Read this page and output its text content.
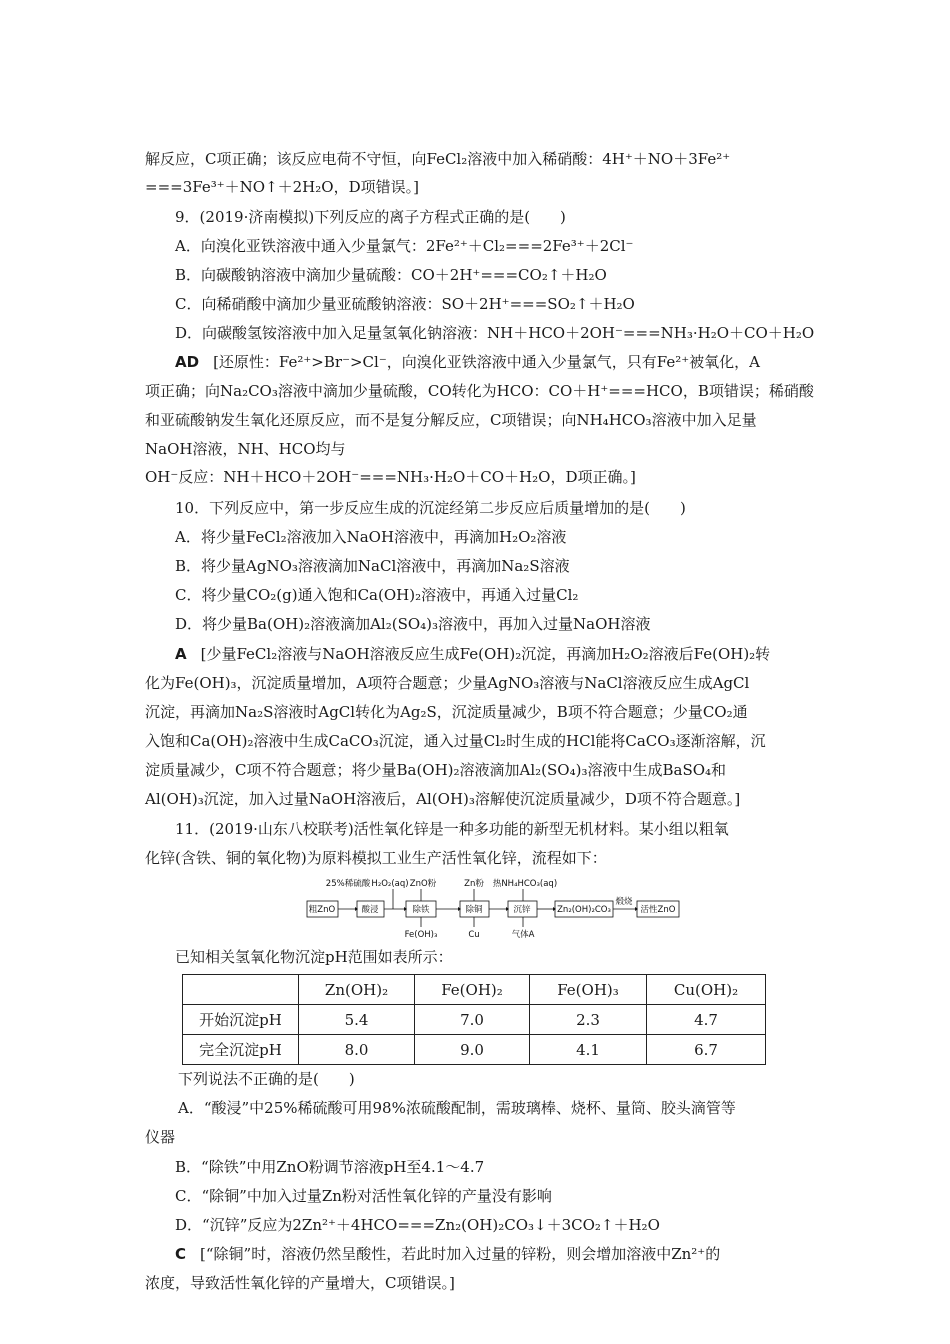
解反应，C项正确；该反应电荷不守恒，向FeCl₂溶液中加入稀硝酸：4H⁺＋NO＋3Fe²⁺
===3Fe³⁺＋NO↑＋2H₂O，D项错误。]
9．(2019·济南模拟)下列反应的离子方程式正确的是(　　)
A．向溴化亚铁溶液中通入少量氯气：2Fe²⁺＋Cl₂===2Fe³⁺＋2Cl⁻
B．向碳酸钠溶液中滴加少量硫酸：CO＋2H⁺===CO₂↑＋H₂O
C．向稀硝酸中滴加少量亚硫酸钠溶液：SO＋2H⁺===SO₂↑＋H₂O
D．向碳酸氢铵溶液中加入足量氢氧化钠溶液：NH＋HCO＋2OH⁻===NH₃·H₂O＋CO＋H₂O
AD [还原性：Fe²⁺>Br⁻>Cl⁻，向溴化亚铁溶液中通入少量氯气，只有Fe²⁺被氧化，A
项正确；向Na₂CO₃溶液中滴加少量硫酸，CO转化为HCO：CO＋H⁺===HCO，B项错误；稀硝酸
和亚硫酸钠发生氧化还原反应，而不是复分解反应，C项错误；向NH₄HCO₃溶液中加入足量
NaOH溶液，NH、HCO均与
OH⁻反应：NH＋HCO＋2OH⁻===NH₃·H₂O＋CO＋H₂O，D项正确。]
10．下列反应中，第一步反应生成的沉淀经第二步反应后质量增加的是(　　)
A．将少量FeCl₂溶液加入NaOH溶液中，再滴加H₂O₂溶液
B．将少量AgNO₃溶液滴加NaCl溶液中，再滴加Na₂S溶液
C．将少量CO₂(g)通入饱和Ca(OH)₂溶液中，再通入过量Cl₂
D．将少量Ba(OH)₂溶液滴加Al₂(SO₄)₃溶液中，再加入过量NaOH溶液
A [少量FeCl₂溶液与NaOH溶液反应生成Fe(OH)₂沉淀，再滴加H₂O₂溶液后Fe(OH)₂转
化为Fe(OH)₃，沉淀质量增加，A项符合题意；少量AgNO₃溶液与NaCl溶液反应生成AgCl
沉淀，再滴加Na₂S溶液时AgCl转化为Ag₂S，沉淀质量减少，B项不符合题意；少量CO₂通
入饱和Ca(OH)₂溶液中生成CaCO₃沉淀，通入过量Cl₂时生成的HCl能将CaCO₃逐渐溶解，沉
淀质量减少，C项不符合题意；将少量Ba(OH)₂溶液滴加Al₂(SO₄)₃溶液中生成BaSO₄和
Al(OH)₃沉淀，加入过量NaOH溶液后，Al(OH)₃溶解使沉淀质量减少，D项不符合题意。]
11．(2019·山东八校联考)活性氧化锌是一种多功能的新型无机材料。某小组以粗氧
化锌(含铁、铜的氧化物)为原料模拟工业生产活性氧化锌，流程如下：
粗ZnO	酸浸	除铁	除铜	沉锌	Zn₂(OH)₂CO₃	活性ZnO
25%稀硫酸 H₂O₂(aq) ZnO粉	Zn粉 热NH₄HCO₃(aq)
煅烧
Fe(OH)₃	Cu	气体A
已知相关氢氧化物沉淀pH范围如表所示：
	Zn(OH)₂	Fe(OH)₂	Fe(OH)₃	Cu(OH)₂
开始沉淀pH	5.4	7.0	2.3	4.7
完全沉淀pH	8.0	9.0	4.1	6.7
下列说法不正确的是(　　)
A．“酸浸”中25%稀硫酸可用98%浓硫酸配制，需玻璃棒、烧杯、量筒、胶头滴管等
仪器
B．“除铁”中用ZnO粉调节溶液pH至4.1～4.7
C．“除铜”中加入过量Zn粉对活性氧化锌的产量没有影响
D．“沉锌”反应为2Zn²⁺＋4HCO===Zn₂(OH)₂CO₃↓＋3CO₂↑＋H₂O
C [“除铜”时，溶液仍然呈酸性，若此时加入过量的锌粉，则会增加溶液中Zn²⁺的
浓度，导致活性氧化锌的产量增大，C项错误。]
